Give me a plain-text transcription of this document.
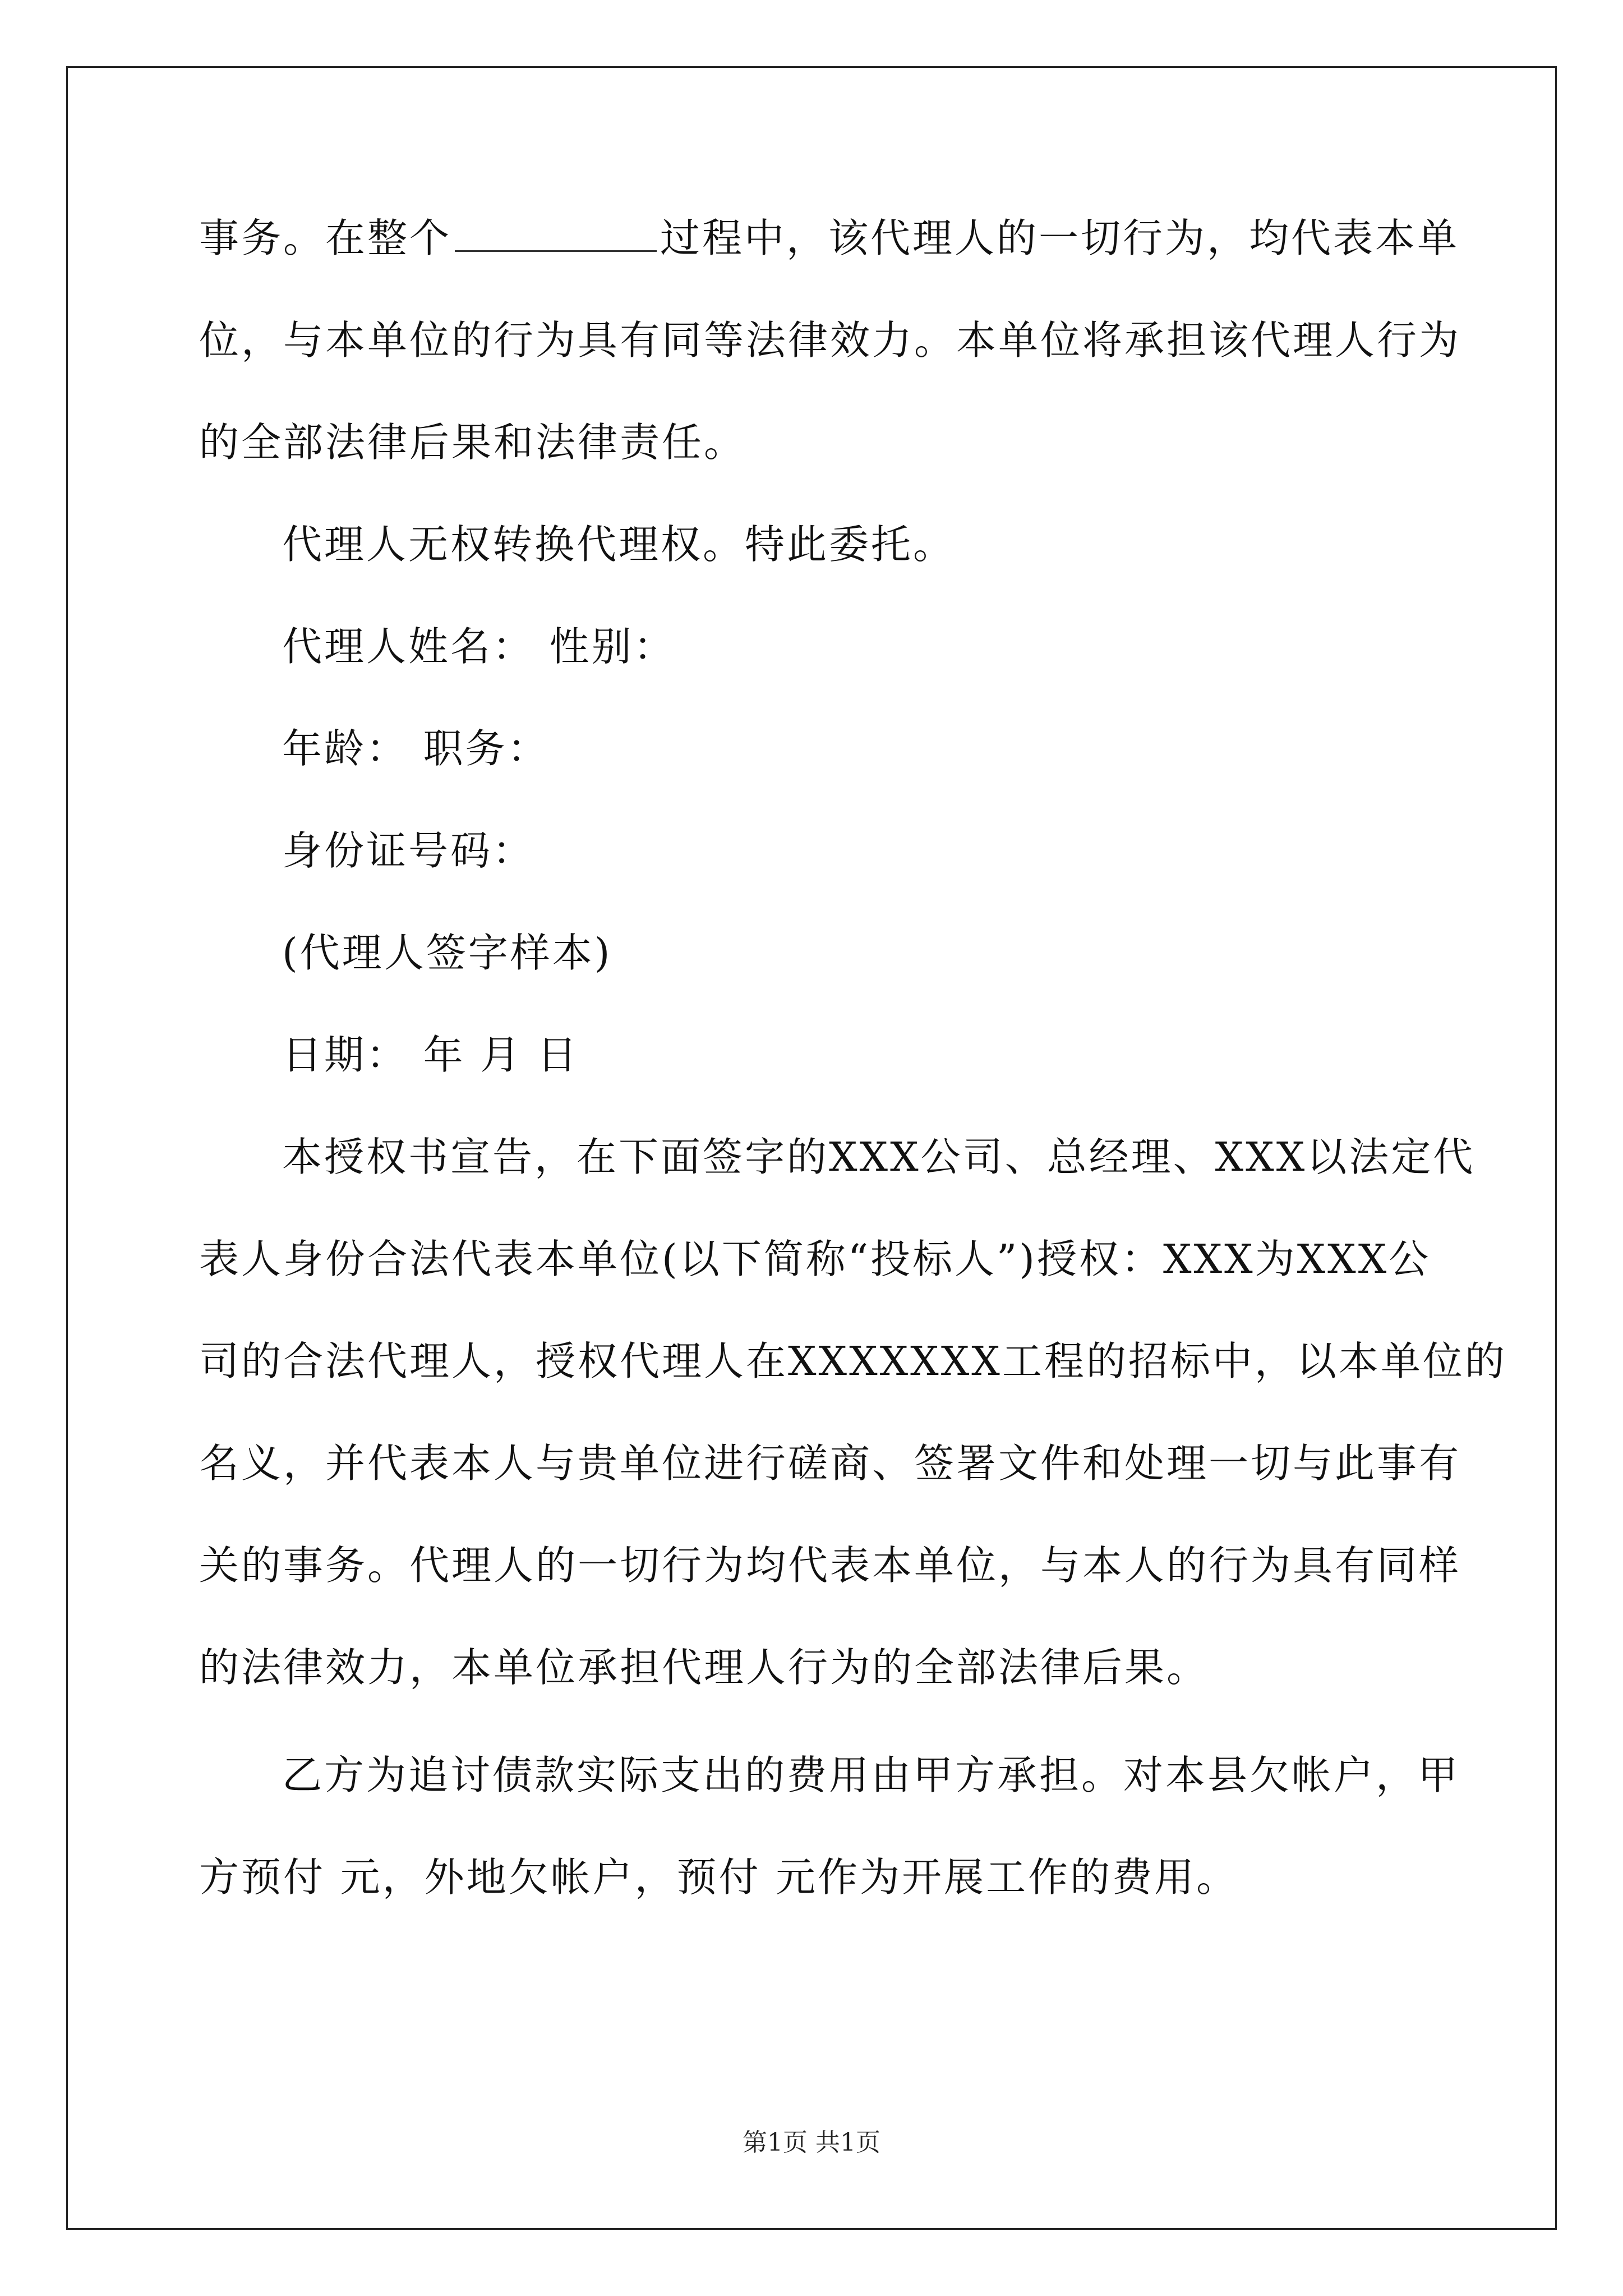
事务。在整个	过程中，该代理人的一切行为，均代表本单
位，与本单位的行为具有同等法律效力。本单位将承担该代理人行为
的全部法律后果和法律责任。
代理人无权转换代理权。特此委托。
代理人姓名： 性别：
年龄： 职务：
身份证号码：
(代理人签字样本)
日期： 年 月 日
本授权书宣告，在下面签字的XXX公司、总经理、XXX以法定代
表人身份合法代表本单位(以下简称“投标人”)授权：XXX为XXX公
司的合法代理人，授权代理人在XXXXXXX工程的招标中，以本单位的
名义，并代表本人与贵单位进行磋商、签署文件和处理一切与此事有
关的事务。代理人的一切行为均代表本单位，与本人的行为具有同样
的法律效力，本单位承担代理人行为的全部法律后果。
乙方为追讨债款实际支出的费用由甲方承担。对本县欠帐户，甲
方预付 元，外地欠帐户，预付 元作为开展工作的费用。
第1页 共1页
